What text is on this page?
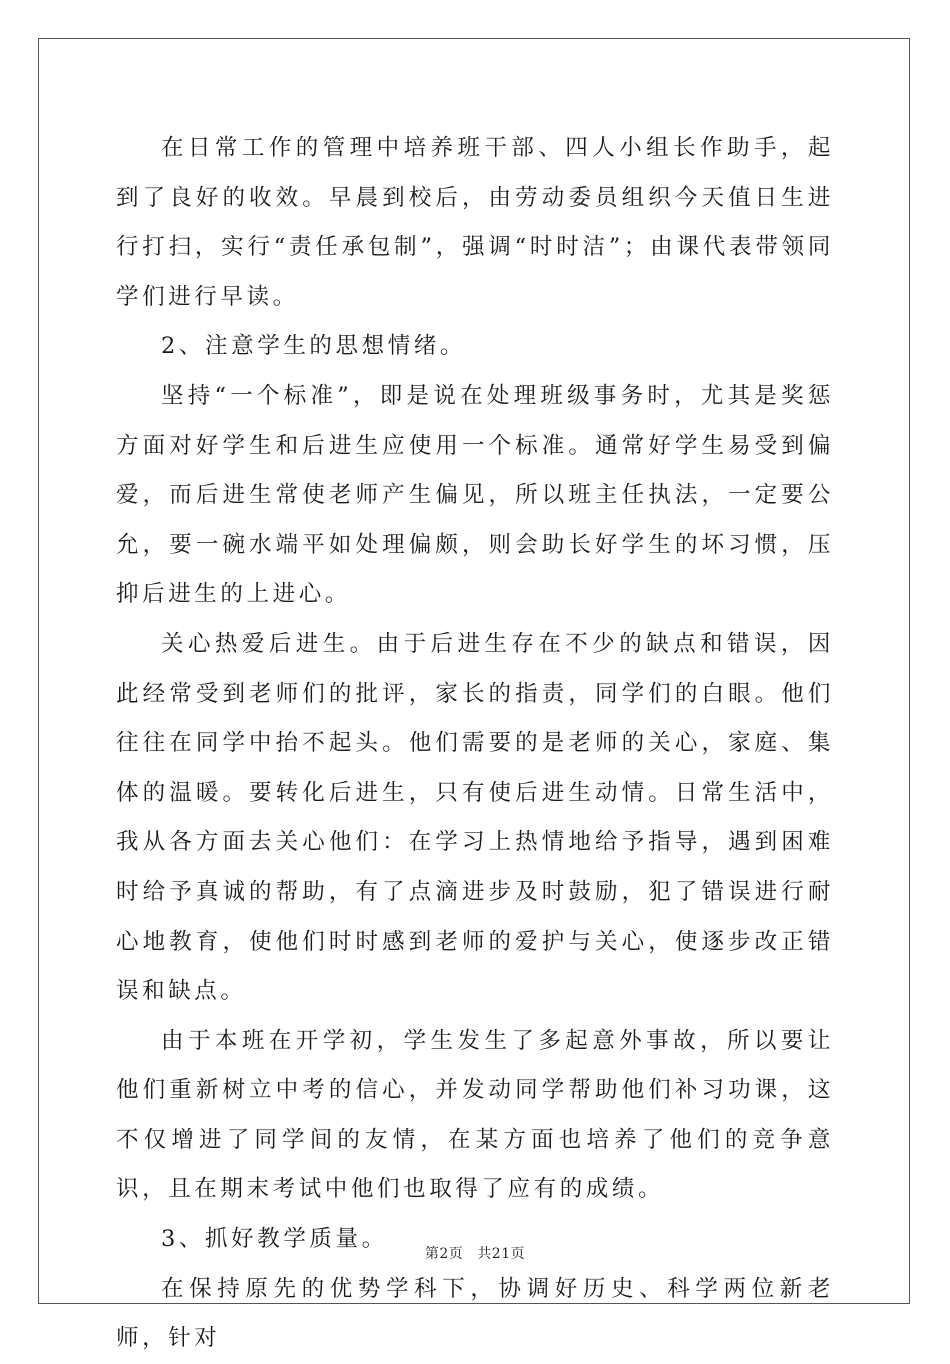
在日常工作的管理中培养班干部、四人小组长作助手，起到了良好的收效。早晨到校后，由劳动委员组织今天值日生进行打扫，实行“责任承包制”，强调“时时洁”；由课代表带领同学们进行早读。

2、注意学生的思想情绪。

坚持“一个标准”，即是说在处理班级事务时，尤其是奖惩方面对好学生和后进生应使用一个标准。通常好学生易受到偏爱，而后进生常使老师产生偏见，所以班主任执法，一定要公允，要一碗水端平如处理偏颇，则会助长好学生的坏习惯，压抑后进生的上进心。

关心热爱后进生。由于后进生存在不少的缺点和错误，因此经常受到老师们的批评，家长的指责，同学们的白眼。他们往往在同学中抬不起头。他们需要的是老师的关心，家庭、集体的温暖。要转化后进生，只有使后进生动情。日常生活中，我从各方面去关心他们：在学习上热情地给予指导，遇到困难时给予真诚的帮助，有了点滴进步及时鼓励，犯了错误进行耐心地教育，使他们时时感到老师的爱护与关心，使逐步改正错误和缺点。

由于本班在开学初，学生发生了多起意外事故，所以要让他们重新树立中考的信心，并发动同学帮助他们补习功课，这不仅增进了同学间的友情，在某方面也培养了他们的竞争意识，且在期末考试中他们也取得了应有的成绩。

3、抓好教学质量。

在保持原先的优势学科下，协调好历史、科学两位新老师，针对

第2页 共21页
